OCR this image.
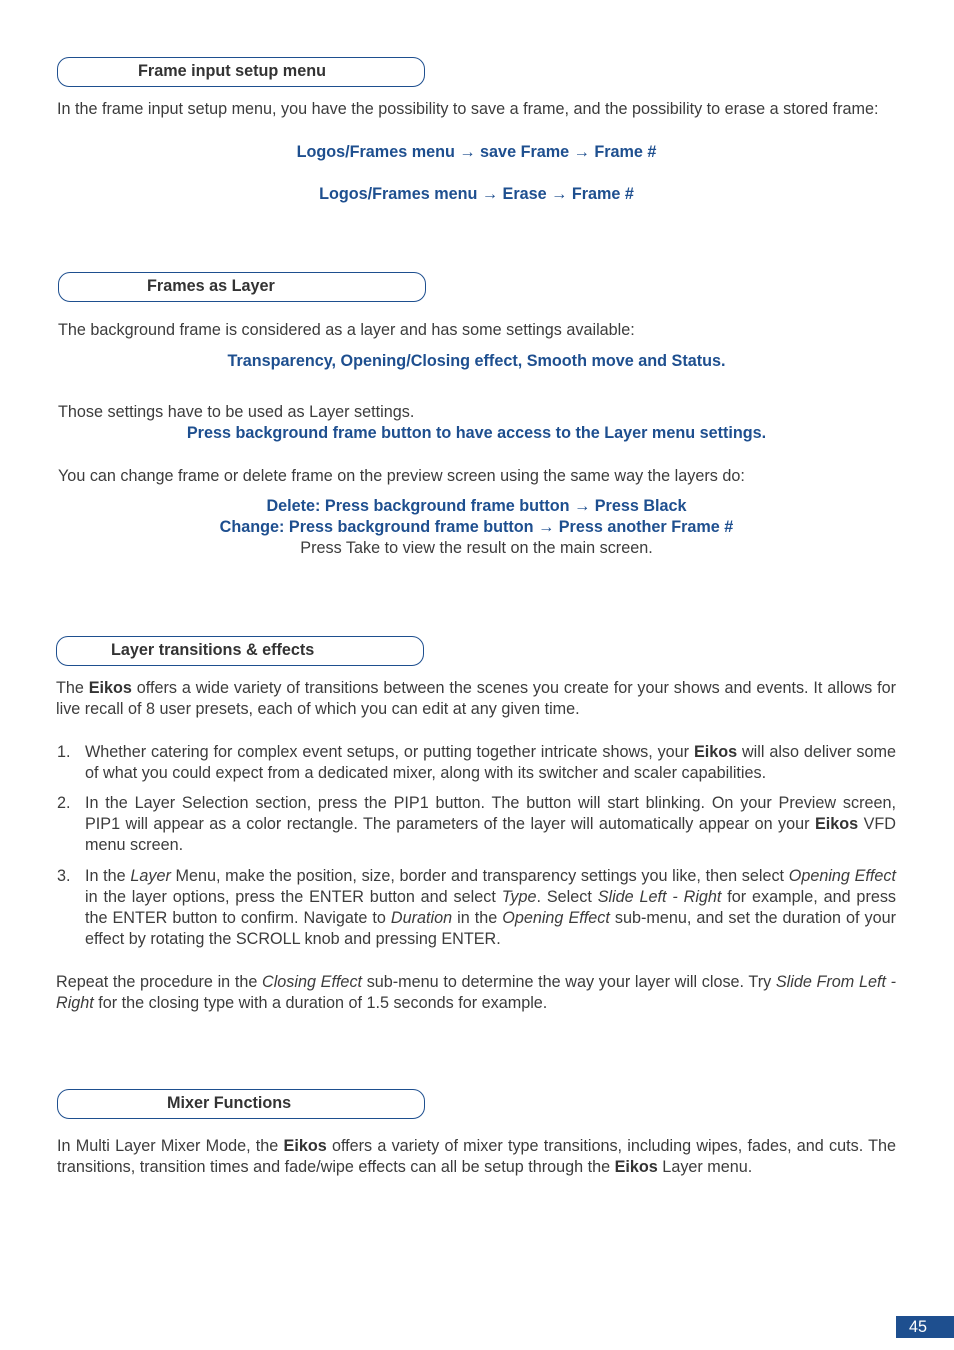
Frame input setup menu
In the frame input setup menu, you have the possibility to save a frame, and the possibility to erase a stored frame:
Logos/Frames menu → save Frame → Frame #
Logos/Frames menu → Erase → Frame #
Frames as Layer
The background frame is considered as a layer and has some settings available:
Transparency, Opening/Closing effect, Smooth move and Status.
Those settings have to be used as Layer settings.
Press background frame button to have access to the Layer menu settings.
You can change frame or delete frame on the preview screen using the same way the layers do:
Delete: Press background frame button → Press Black
Change: Press background frame button → Press another Frame #
Press Take to view the result on the main screen.
Layer transitions & effects
The Eikos offers a wide variety of transitions between the scenes you create for your shows and events. It allows for live recall of 8 user presets, each of which you can edit at any given time.
1. Whether catering for complex event setups, or putting together intricate shows, your Eikos will also deliver some of what you could expect from a dedicated mixer, along with its switcher and scaler capabilities.
2. In the Layer Selection section, press the PIP1 button. The button will start blinking. On your Preview screen, PIP1 will appear as a color rectangle. The parameters of the layer will automatically appear on your Eikos VFD menu screen.
3. In the Layer Menu, make the position, size, border and transparency settings you like, then select Opening Effect in the layer options, press the ENTER button and select Type. Select Slide Left - Right for example, and press the ENTER button to confirm. Navigate to Duration in the Opening Effect sub-menu, and set the duration of your effect by rotating the SCROLL knob and pressing ENTER.
Repeat the procedure in the Closing Effect sub-menu to determine the way your layer will close. Try Slide From Left - Right for the closing type with a duration of 1.5 seconds for example.
Mixer Functions
In Multi Layer Mixer Mode, the Eikos offers a variety of mixer type transitions, including wipes, fades, and cuts. The transitions, transition times and fade/wipe effects can all be setup through the Eikos Layer menu.
45
